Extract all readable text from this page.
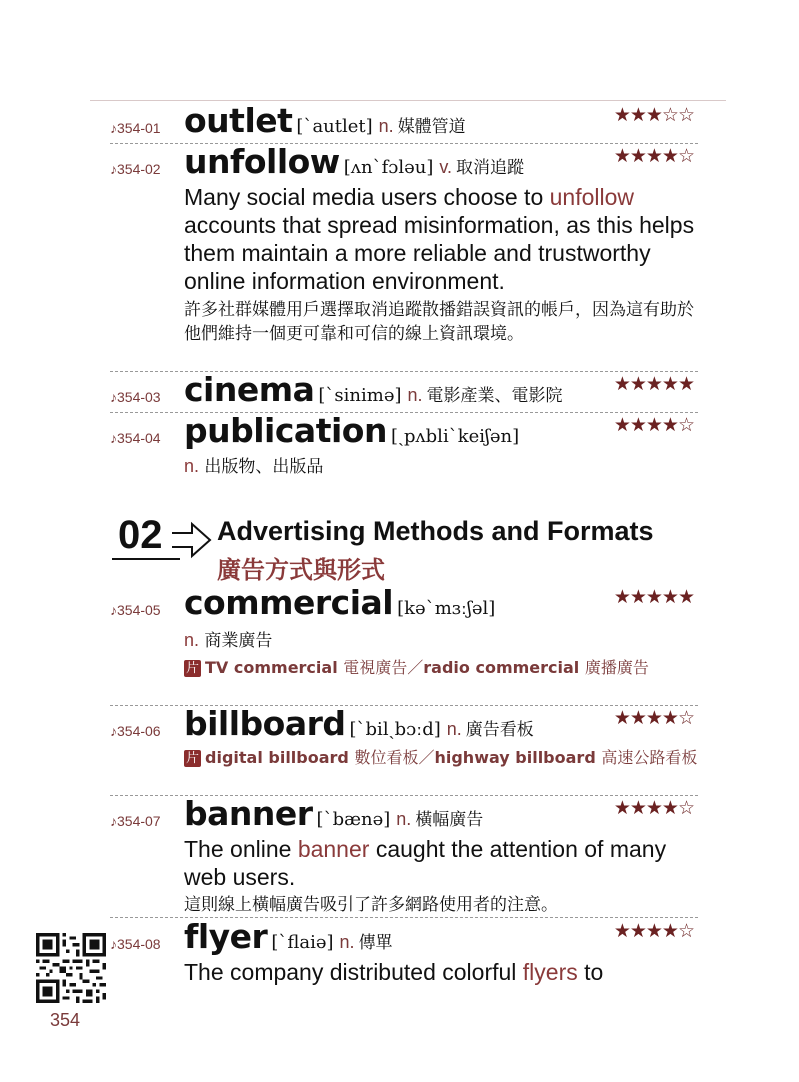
♪354-01 outlet [`autlet] n. 媒體管道
★★★☆☆
♪354-02 unfollow [ʌn`fɔləu] v. 取消追蹤
★★★★☆
Many social media users choose to unfollow accounts that spread misinformation, as this helps them maintain a more reliable and trustworthy online information environment.
許多社群媒體用戶選擇取消追蹤散播錯誤資訊的帳戶，因為這有助於他們維持一個更可靠和可信的線上資訊環境。
♪354-03 cinema [`sinimə] n. 電影產業、電影院
★★★★★
♪354-04 publication [ˏpʌbli`keiʃən]
★★★★☆
n. 出版物、出版品
02 Advertising Methods and Formats
廣告方式與形式
♪354-05 commercial [kə`mɜːʃəl]
★★★★★
n. 商業廣告
片 TV commercial 電視廣告／radio commercial 廣播廣告
♪354-06 billboard [`bilˏbɔːd] n. 廣告看板
★★★★☆
片 digital billboard 數位看板／highway billboard 高速公路看板
♪354-07 banner [`bænə] n. 橫幅廣告
★★★★☆
The online banner caught the attention of many web users.
這則線上橫幅廣告吸引了許多網路使用者的注意。
♪354-08 flyer [`flaiə] n. 傳單
★★★★☆
The company distributed colorful flyers to
354
